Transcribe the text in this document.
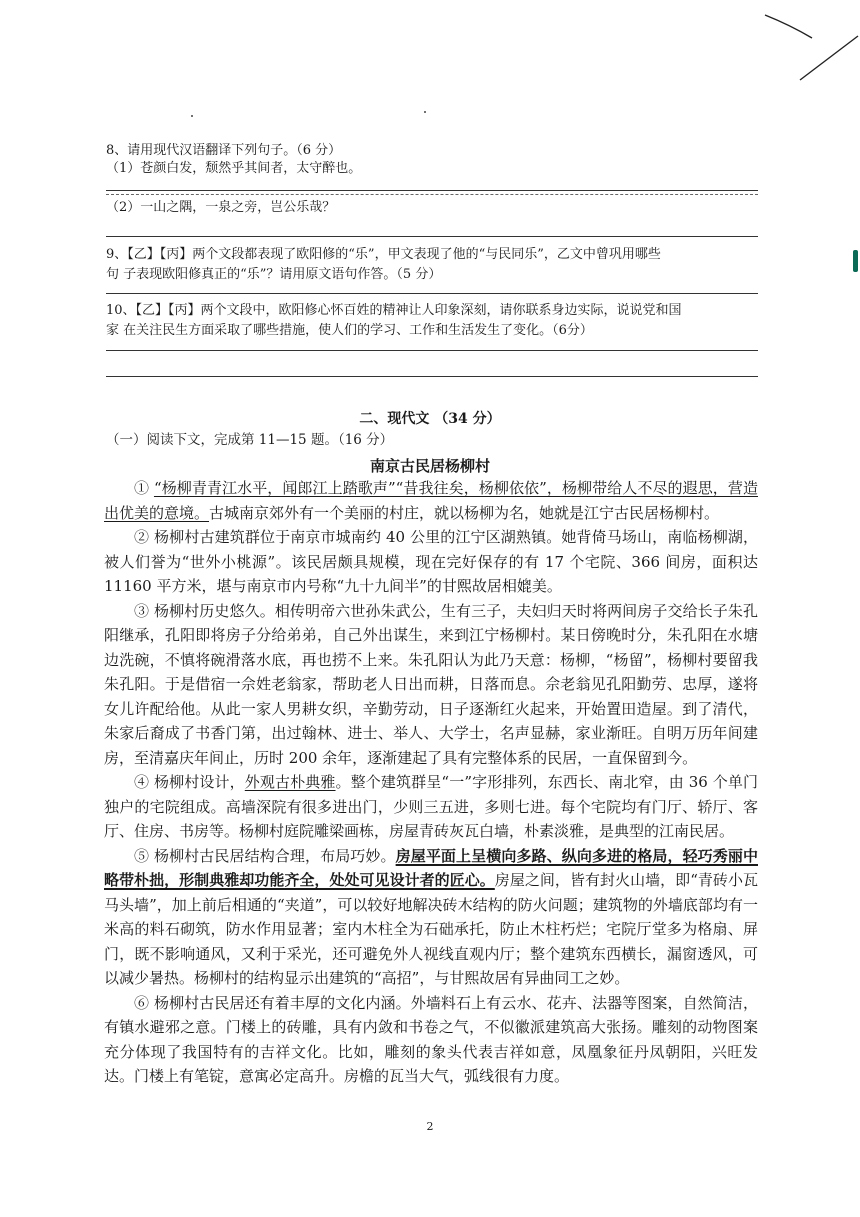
8、请用现代汉语翻译下列句子。（6 分）
（1）苍颜白发，颓然乎其间者，太守醉也。
（2）一山之隅，一泉之旁，岂公乐哉？
9、【乙】【丙】两个文段都表现了欧阳修的“乐”，甲文表现了他的“与民同乐”，乙文中曾巩用哪些
句 子表现欧阳修真正的“乐”？请用原文语句作答。（5 分）
10、【乙】【丙】两个文段中，欧阳修心怀百姓的精神让人印象深刻，请你联系身边实际，说说党和国
家 在关注民生方面采取了哪些措施，使人们的学习、工作和生活发生了变化。（6分）
二、现代文 （34 分）
（一）阅读下文，完成第 11—15 题。（16 分）
南京古民居杨柳村

① “杨柳青青江水平，闻郎江上踏歌声”“昔我往矣，杨柳依依”，杨柳带给人不尽的遐思，营造出优美的意境。古城南京郊外有一个美丽的村庄，就以杨柳为名，她就是江宁古民居杨柳村。

② 杨柳村古建筑群位于南京市城南约 40 公里的江宁区湖熟镇。她背倚马场山，南临杨柳湖，被人们誉为“世外小桃源”。该民居颇具规模，现在完好保存的有 17 个宅院、366 间房，面积达 11160 平方米，堪与南京市内号称“九十九间半”的甘熙故居相媲美。

③ 杨柳村历史悠久。相传明帝六世孙朱武公，生有三子，夫妇归天时将两间房子交给长子朱孔阳继承，孔阳即将房子分给弟弟，自己外出谋生，来到江宁杨柳村。某日傍晚时分，朱孔阳在水塘边洗碗，不慎将碗滑落水底，再也捞不上来。朱孔阳认为此乃天意：杨柳，“杨留”，杨柳村要留我朱孔阳。于是借宿一佘姓老翁家，帮助老人日出而耕，日落而息。佘老翁见孔阳勤劳、忠厚，遂将女儿许配给他。从此一家人男耕女织，辛勤劳动，日子逐渐红火起来，开始置田造屋。到了清代，朱家后裔成了书香门第，出过翰林、进士、举人、大学士，名声显赫，家业渐旺。自明万历年间建房，至清嘉庆年间止，历时 200 余年，逐渐建起了具有完整体系的民居，一直保留到今。

④ 杨柳村设计，外观古朴典雅。整个建筑群呈“一”字形排列，东西长、南北窄，由 36 个单门独户的宅院组成。高墙深院有很多进出门，少则三五进，多则七进。每个宅院均有门厅、轿厅、客厅、住房、书房等。杨柳村庭院雕梁画栋，房屋青砖灰瓦白墙，朴素淡雅，是典型的江南民居。

⑤ 杨柳村古民居结构合理，布局巧妙。房屋平面上呈横向多路、纵向多进的格局，轻巧秀丽中略带朴拙，形制典雅却功能齐全，处处可见设计者的匠心。房屋之间，皆有封火山墙，即“青砖小瓦马头墙”，加上前后相通的“夹道”，可以较好地解决砖木结构的防火问题；建筑物的外墙底部均有一米高的料石砌筑，防水作用显著；室内木柱全为石础承托，防止木柱朽烂；宅院厅堂多为格扇、屏门，既不影响通风，又利于采光，还可避免外人视线直观内厅；整个建筑东西横长，漏窗透风，可以减少暑热。杨柳村的结构显示出建筑的“高招”，与甘熙故居有异曲同工之妙。

⑥ 杨柳村古民居还有着丰厚的文化内涵。外墙料石上有云水、花卉、法器等图案，自然简洁，有镇水避邪之意。门楼上的砖雕，具有内敛和书卷之气，不似徽派建筑高大张扬。雕刻的动物图案充分体现了我国特有的吉祥文化。比如，雕刻的象头代表吉祥如意，凤凰象征丹凤朝阳，兴旺发达。门楼上有笔锭，意寓必定高升。房檐的瓦当大气，弧线很有力度。

2
